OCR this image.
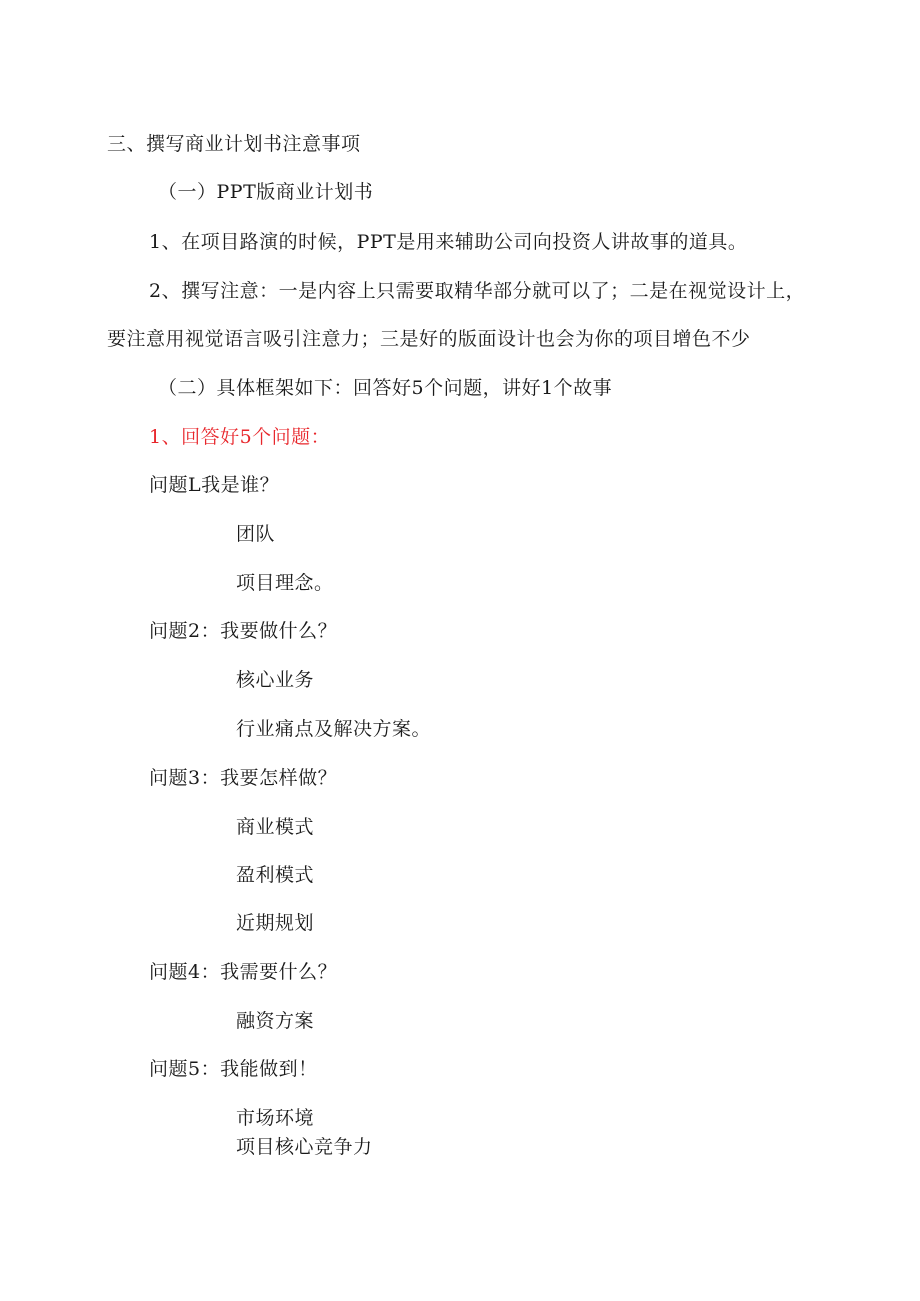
三、撰写商业计划书注意事项
（一）PPT版商业计划书
1、在项目路演的时候，PPT是用来辅助公司向投资人讲故事的道具。
2、撰写注意：一是内容上只需要取精华部分就可以了；二是在视觉设计上，
要注意用视觉语言吸引注意力；三是好的版面设计也会为你的项目增色不少
（二）具体框架如下：回答好5个问题，讲好1个故事
1、回答好5个问题：
问题L我是谁？
团队
项目理念。
问题2：我要做什么？
核心业务
行业痛点及解决方案。
问题3：我要怎样做？
商业模式
盈利模式
近期规划
问题4：我需要什么？
融资方案
问题5：我能做到！
市场环境
项目核心竞争力
